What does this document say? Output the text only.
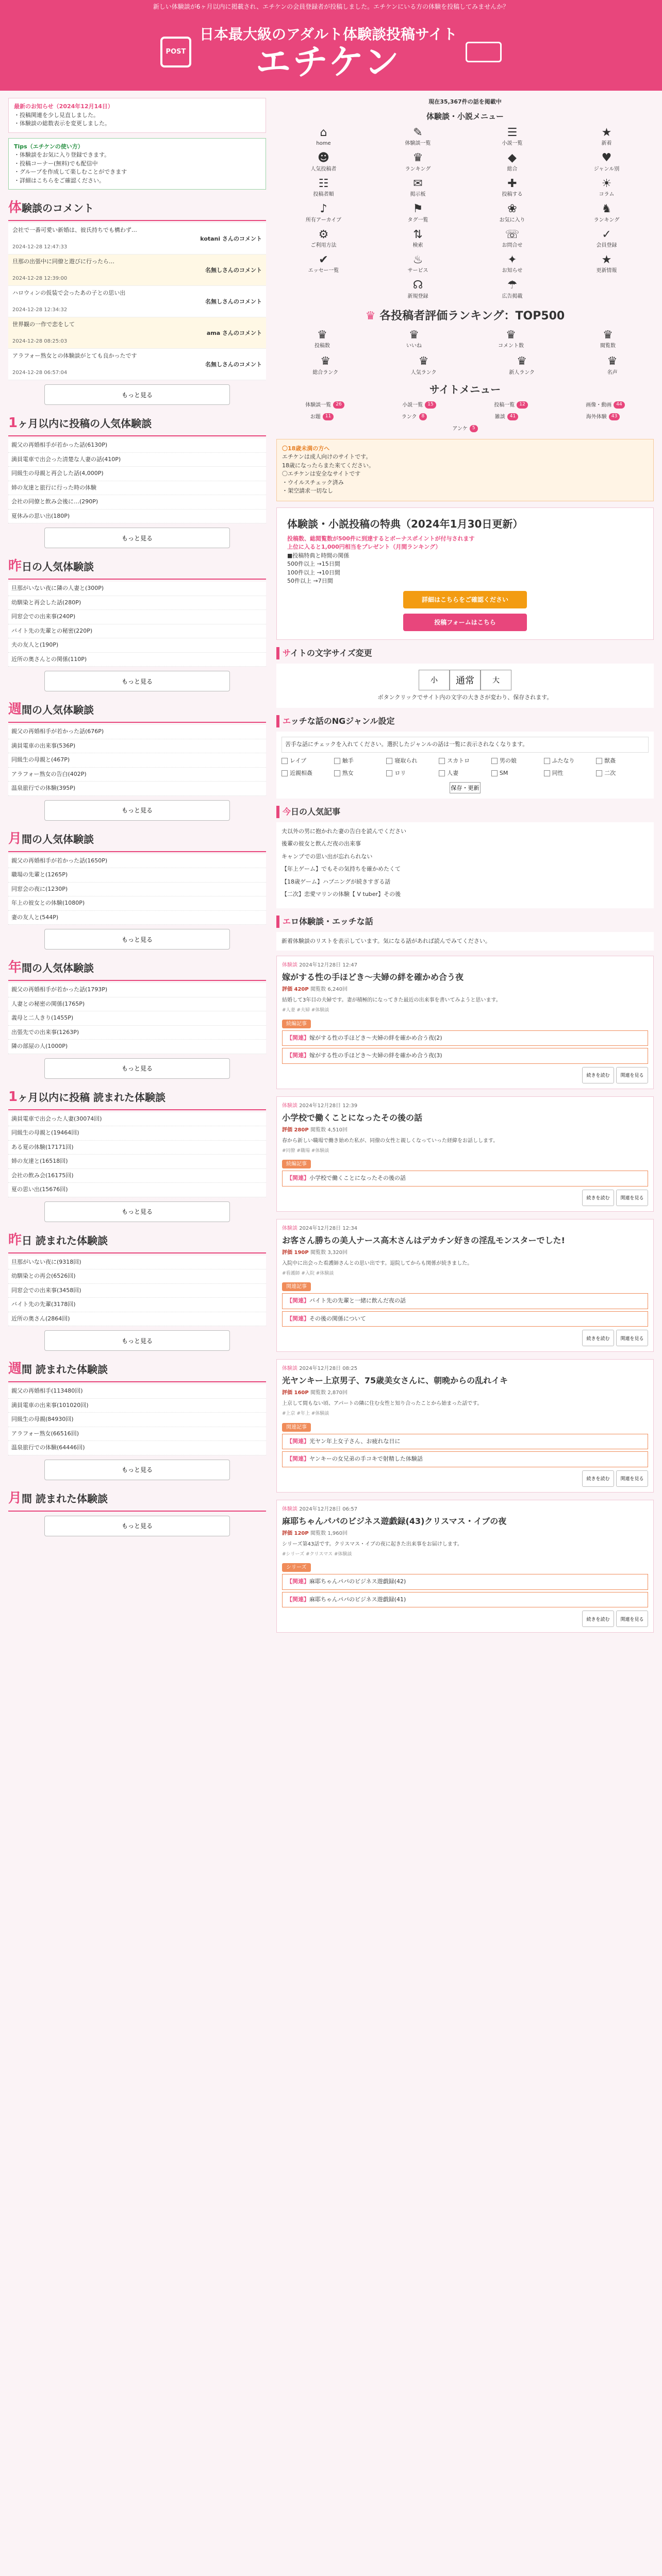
新しい体験談が6ヶ月以内に掲載され、エチケンの会員登録者が投稿しました。エチケンにいる方の体験を投稿してみませんか？
POST
日本最大級のアダルト体験談投稿サイト
エチケン
最新のお知らせ（2024年12月14日）
・投稿関連を少し見直しました。
・体験談の総数表示を変更しました。
Tips（エチケンの使い方）
・体験談をお気に入り登録できます。
・投稿コーナー(無料)でも配信中
・グループを作成して楽しむことができます
・詳細はこちらをご確認ください。
体験談のコメント
会社で一番可愛い新婚は、彼氏持ちでも構わず…
kotani さんのコメント
2024-12-28 12:47:33
旦那の出張中に同僚と遊びに行ったら…
名無しさんのコメント
2024-12-28 12:39:00
ハロウィンの仮装で会ったあの子との思い出
名無しさんのコメント
2024-12-28 12:34:32
世界観の一作で恋をして
ama さんのコメント
2024-12-28 08:25:03
アラフォー熟女との体験談がとても良かったです
名無しさんのコメント
2024-12-28 06:57:04
もっと見る
1ヶ月以内に投稿の人気体験談
親父の再婚相手が若かった話(6130P)
満員電車で出会った清楚な人妻の話(410P)
同級生の母親と再会した話(4,000P)
姉の友達と旅行に行った時の体験
会社の同僚と飲み会後に…(290P)
夏休みの思い出(180P)
もっと見る
昨日の人気体験談
旦那がいない夜に隣の人妻と(300P)
幼馴染と再会した話(280P)
同窓会での出来事(240P)
バイト先の先輩との秘密(220P)
夫の友人と(190P)
近所の奥さんとの関係(110P)
もっと見る
週間の人気体験談
親父の再婚相手が若かった話(676P)
満員電車の出来事(536P)
同級生の母親と(467P)
アラフォー熟女の告白(402P)
温泉旅行での体験(395P)
もっと見る
月間の人気体験談
親父の再婚相手が若かった話(1650P)
職場の先輩と(1265P)
同窓会の夜に(1230P)
年上の彼女との体験(1080P)
妻の友人と(544P)
もっと見る
年間の人気体験談
親父の再婚相手が若かった話(1793P)
人妻との秘密の関係(1765P)
義母と二人きり(1455P)
出張先での出来事(1263P)
隣の部屋の人(1000P)
もっと見る
1ヶ月以内に投稿 読まれた体験談
満員電車で出会った人妻(30074回)
同級生の母親と(19464回)
ある夏の体験(17171回)
姉の友達と(16518回)
会社の飲み会(16175回)
夏の思い出(15676回)
もっと見る
昨日 読まれた体験談
旦那がいない夜に(9318回)
幼馴染との再会(6526回)
同窓会での出来事(3458回)
バイト先の先輩(3178回)
近所の奥さん(2864回)
もっと見る
週間 読まれた体験談
親父の再婚相手(113480回)
満員電車の出来事(101020回)
同級生の母親(84930回)
アラフォー熟女(66516回)
温泉旅行での体験(64446回)
もっと見る
月間 読まれた体験談
もっと見る
現在35,367件の話を掲載中
体験談・小説メニュー
⌂
home
✎
体験談一覧
☰
小説一覧
★
新着
☻
人気投稿者
♛
ランキング
◆
総合
♥
ジャンル別
☷
投稿者順
✉
掲示板
✚
投稿する
☀
コラム
♪
所有アーカイブ
⚑
タグ一覧
❀
お気に入り
♞
ランキング
⚙
ご利用方法
⇅
検索
☏
お問合せ
✓
会員登録
✔
エッセー一覧
♨
サービス
✦
お知らせ
★
更新情報
☊
新規登録
☂
広告掲載
♛ 各投稿者評価ランキング：TOP500
♛
投稿数
♛
いいね
♛
コメント数
♛
閲覧数
♛
総合ランク
♛
人気ランク
♛
新人ランク
♛
名声
サイトメニュー
体験談一覧	26	小説一覧	15	投稿一覧	12	画像・動画	44
お題	11	ランク	8	雑談	41	海外体験	43
アンケ	5
〇18歳未満の方へ
エチケンは成人向けのサイトです。
18歳になったらまた来てください。
〇エチケンは安全なサイトです
・ウイルスチェック済み
・架空請求一切なし
体験談・小説投稿の特典（2024年1月30日更新）

投稿数、総閲覧数が500件に到達するとボーナスポイントが付与されます

上位に入ると1,000円相当をプレゼント（月間ランキング）

■投稿特典と時間の関係
500件以上 →15日間
100件以上 →10日間
50件以上 →7日間
詳細はこちらをご確認ください
投稿フォームはこちら
サイトの文字サイズ変更
小	通常	大
ボタンクリックでサイト内の文字の大きさが変わり、保存されます。
エッチな話のNGジャンル設定
苦手な話にチェックを入れてください。選択したジャンルの話は一覧に表示されなくなります。
レイプ	触手	寝取られ	スカトロ	男の娘	ふたなり	獣姦
近親相姦	熟女	ロリ	人妻	SM	同性	二次
保存・更新
今日の人気記事

夫以外の男に抱かれた妻の告白を読んでください

後輩の彼女と飲んだ夜の出来事

キャンプでの思い出が忘れられない

【年上ゲーム】でもその気持ちを確かめたくて

【18歳ゲーム】ハプニングが続きすぎる話

【二次】恋愛マリンの体験【 V tuber】その後

エロ体験談・エッチな話
新着体験談のリストを表示しています。気になる話があれば読んでみてください。
体験談 2024年12月28日 12:47
嫁がする性の手ほどき～夫婦の絆を確かめ合う夜
評価 420P 閲覧数 6,240回
結婚して3年目の夫婦です。妻が積極的になってきた最近の出来事を書いてみようと思います。
#人妻 #夫婦 #体験談
続編記事
【関連】嫁がする性の手ほどき～夫婦の絆を確かめ合う夜(2)
【関連】嫁がする性の手ほどき～夫婦の絆を確かめ合う夜(3)
続きを読む 関連を見る
体験談 2024年12月28日 12:39
小学校で働くことになったその後の話
評価 280P 閲覧数 4,510回
春から新しい職場で働き始めた私が、同僚の女性と親しくなっていった経緯をお話しします。
#同僚 #職場 #体験談
続編記事
【関連】小学校で働くことになったその後の話
続きを読む 関連を見る
体験談 2024年12月28日 12:34
お客さん勝ちの美人ナース高木さんはデカチン好きの淫乱モンスターでした!
評価 190P 閲覧数 3,320回
入院中に出会った看護師さんとの思い出です。退院してからも関係が続きました。
#看護師 #入院 #体験談
関連記事
【関連】バイト先の先輩と一緒に飲んだ夜の話
【関連】その後の関係について
続きを読む 関連を見る
体験談 2024年12月28日 08:25
光ヤンキー上京男子、75歳美女さんに、朝晩からの乱れイキ
評価 160P 閲覧数 2,870回
上京して間もない頃、アパートの隣に住む女性と知り合ったことから始まった話です。
#上京 #年上 #体験談
関連記事
【関連】光ヤン年上女子さん、お疲れな日に
【関連】ヤンキーの女兄弟の手コキで射精した体験話
続きを読む 関連を見る
体験談 2024年12月28日 06:57
麻耶ちゃんパパのビジネス遊戯録(43)クリスマス・イブの夜
評価 120P 閲覧数 1,960回
シリーズ第43話です。クリスマス・イブの夜に起きた出来事をお届けします。
#シリーズ #クリスマス #体験談
シリーズ
【関連】麻耶ちゃんパパのビジネス遊戯録(42)
【関連】麻耶ちゃんパパのビジネス遊戯録(41)
続きを読む 関連を見る
